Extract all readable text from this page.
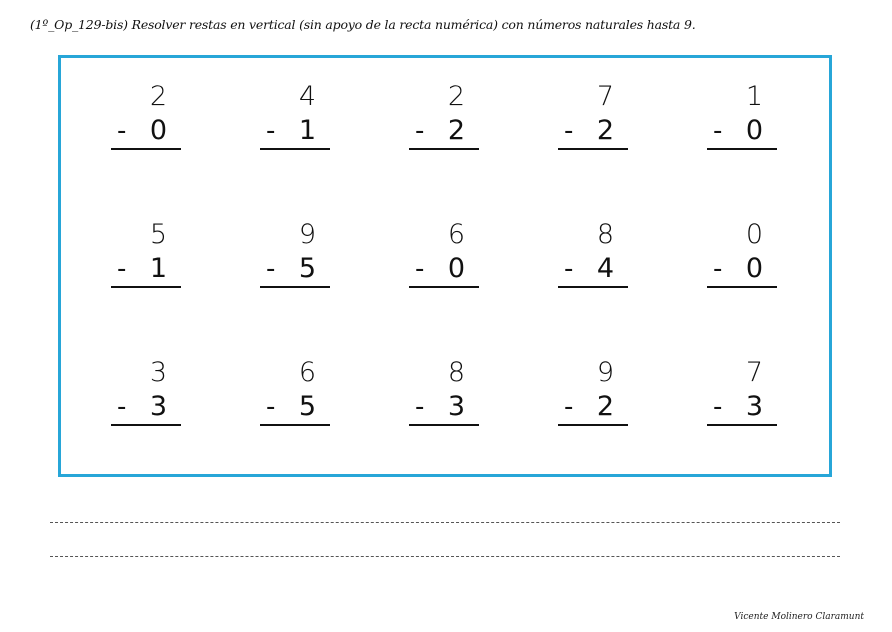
(1º_Op_129-bis) Resolver restas en vertical (sin apoyo de la recta numérica) con números naturales hasta 9.
2
- 0
4
- 1
2
- 2
7
- 2
1
- 0
5
- 1
9
- 5
6
- 0
8
- 4
0
- 0
3
- 3
6
- 5
8
- 3
9
- 2
7
- 3
Vicente Molinero Claramunt
